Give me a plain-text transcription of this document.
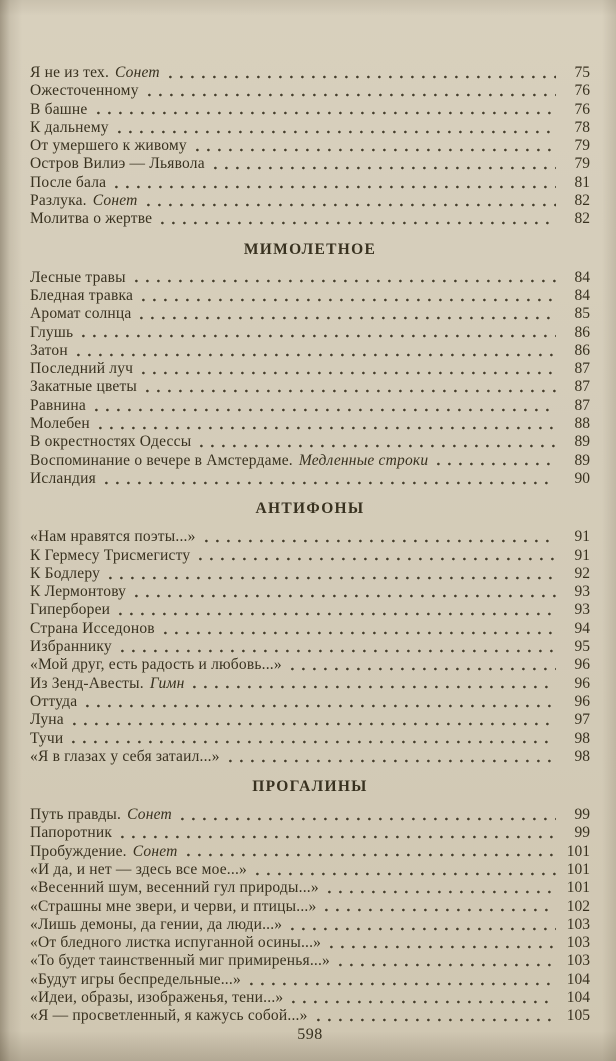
Я не из тех. Сонет	75
Ожесточенному	76
В башне	76
К дальнему	78
От умершего к живому	79
Остров Вилиэ — Льявола	79
После бала	81
Разлука. Сонет	82
Молитва о жертве	82
МИМОЛЕТНОЕ
Лесные травы	84
Бледная травка	84
Аромат солнца	85
Глушь	86
Затон	86
Последний луч	87
Закатные цветы	87
Равнина	87
Молебен	88
В окрестностях Одессы	89
Воспоминание о вечере в Амстердаме. Медленные строки	89
Исландия	90
АНТИФОНЫ
«Нам нравятся поэты...»	91
К Гермесу Трисмегисту	91
К Бодлеру	92
К Лермонтову	93
Гипербореи	93
Страна Исседонов	94
Избраннику	95
«Мой друг, есть радость и любовь...»	96
Из Зенд-Авесты. Гимн	96
Оттуда	96
Луна	97
Тучи	98
«Я в глазах у себя затаил...»	98
ПРОГАЛИНЫ
Путь правды. Сонет	99
Папоротник	99
Пробуждение. Сонет	101
«И да, и нет — здесь все мое...»	101
«Весенний шум, весенний гул природы...»	101
«Страшны мне звери, и черви, и птицы...»	102
«Лишь демоны, да гении, да люди...»	103
«От бледного листка испуганной осины...»	103
«То будет таинственный миг примиренья...»	103
«Будут игры беспредельные...»	104
«Идеи, образы, изображенья, тени...»	104
«Я — просветленный, я кажусь собой...»	105
598
